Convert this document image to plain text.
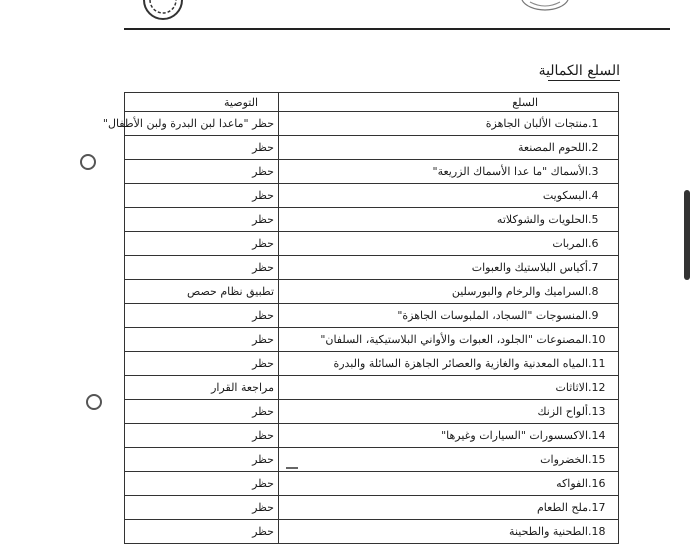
السلع الكمالية
السلع	التوصية
1.منتجات الألبان الجاهزة	حظر "ماعدا لبن البدرة ولبن الأطفال"
2.اللحوم المصنعة	حظر
3.الأسماك "ما عدا الأسماك الزريعة"	حظر
4.البسكويت	حظر
5.الحلويات والشوكلاته	حظر
6.المربات	حظر
7.أكياس البلاستيك والعبوات	حظر
8.السراميك والرخام والبورسلين	تطبيق نظام حصص
9.المنسوجات "السجاد، الملبوسات الجاهزة"	حظر
10.المصنوعات "الجلود، العبوات والأواني البلاستيكية، السلفان"	حظر
11.المياه المعدنية والغازية والعصائر الجاهزة السائلة والبدرة	حظر
12.الاثاثات	مراجعة القرار
13.ألواح الزنك	حظر
14.الاكسسورات "السيارات وغيرها"	حظر
15.الخضروات	حظر
16.الفواكه	حظر
17.ملح الطعام	حظر
18.الطحنية والطحينة	حظر
